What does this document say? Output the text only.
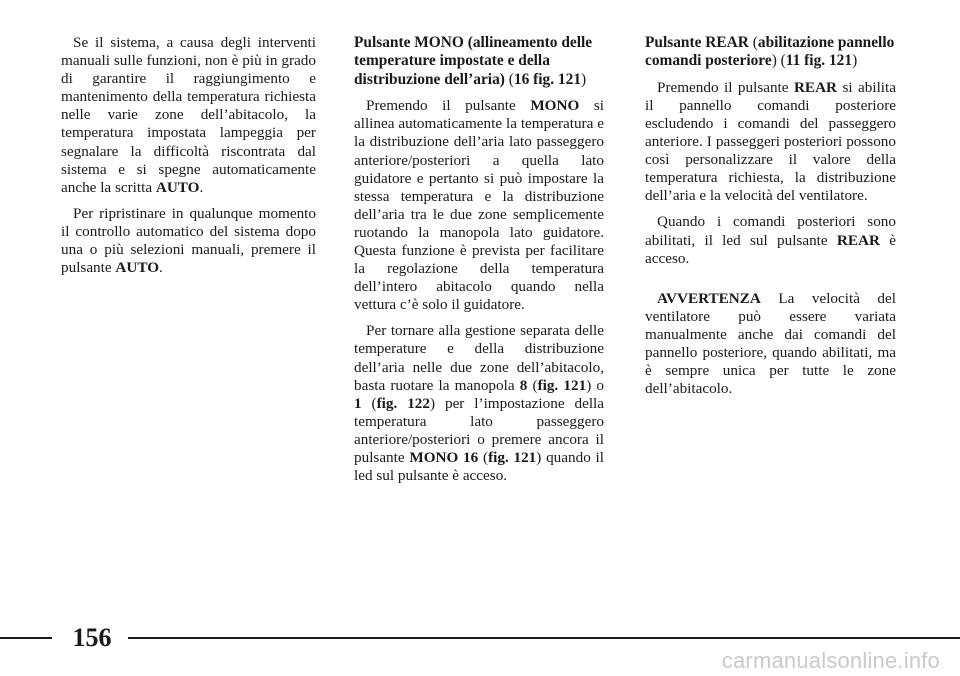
Se il sistema, a causa degli interventi manuali sulle funzioni, non è più in grado di garantire il raggiungimento e mantenimento della temperatura richiesta nelle varie zone dell’abitacolo, la temperatura impostata lampeggia per segnalare la difficoltà riscontrata dal sistema e si spegne automaticamente anche la scritta AUTO.

Per ripristinare in qualunque momento il controllo automatico del sistema dopo una o più selezioni manuali, premere il pulsante AUTO.

Pulsante MONO (allineamento delle temperature impostate e della distribuzione dell’aria) (16 fig. 121)

Premendo il pulsante MONO si allinea automaticamente la temperatura e la distribuzione dell’aria lato passeggero anteriore/posteriori a quella lato guidatore e pertanto si può impostare la stessa temperatura e la distribuzione dell’aria tra le due zone semplicemente ruotando la manopola lato guidatore. Questa funzione è prevista per facilitare la regolazione della temperatura dell’intero abitacolo quando nella vettura c’è solo il guidatore.

Per tornare alla gestione separata delle temperature e della distribuzione dell’aria nelle due zone dell’abitacolo, basta ruotare la manopola 8 (fig. 121) o 1 (fig. 122) per l’impostazione della temperatura lato passeggero anteriore/posteriori o premere ancora il pulsante MONO 16 (fig. 121) quando il led sul pulsante è acceso.

Pulsante REAR (abilitazione pannello comandi posteriore) (11 fig. 121)

Premendo il pulsante REAR si abilita il pannello comandi posteriore escludendo i comandi del passeggero anteriore. I passeggeri posteriori possono così personalizzare il valore della temperatura richiesta, la distribuzione dell’aria e la velocità del ventilatore.

Quando i comandi posteriori sono abilitati, il led sul pulsante REAR è acceso.

AVVERTENZA La velocità del ventilatore può essere variata manualmente anche dai comandi del pannello posteriore, quando abilitati, ma è sempre unica per tutte le zone dell’abitacolo.

156
carmanualsonline.info
